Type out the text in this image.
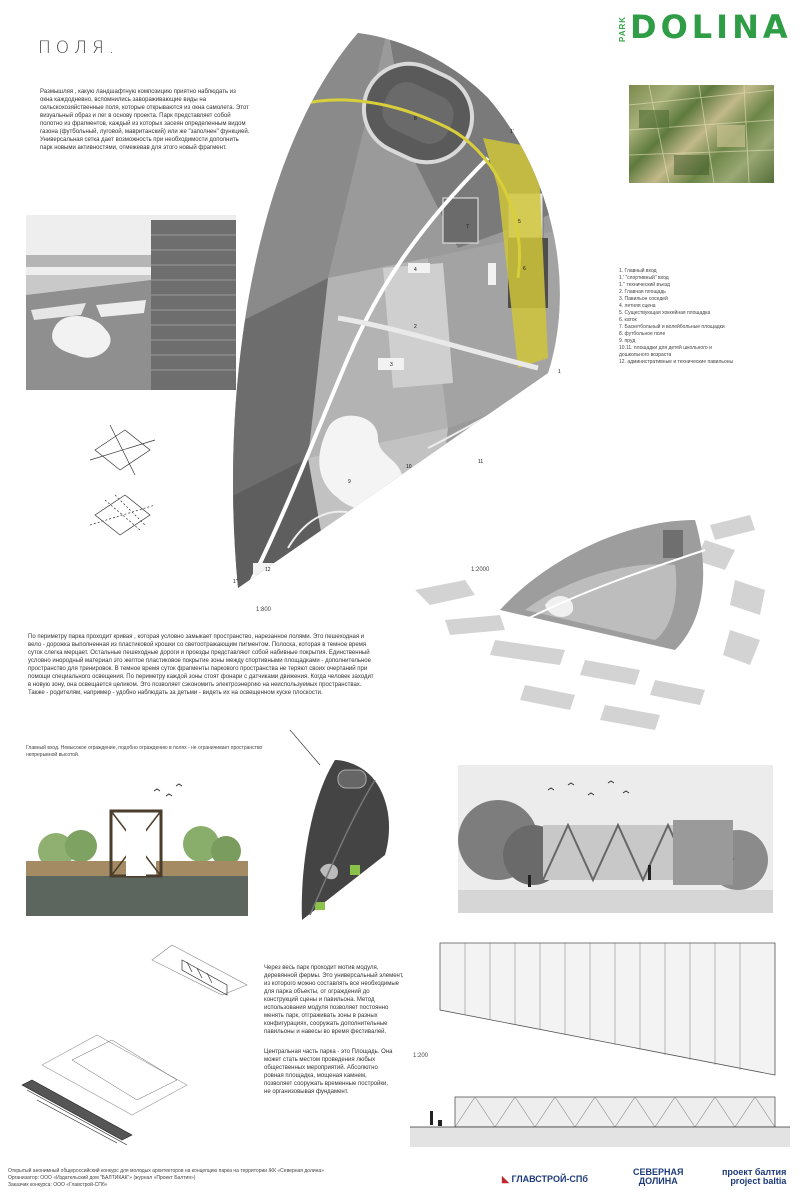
ПОЛЯ.
PARK DOLINA
Размышляя , какую ландшафтную композицию приятно наблюдать из окна каждодневно, вспомнились завораживающие виды на сельскохозяйственные поля, которые открываются из окна самолета. Этот визуальный образ и лег в основу проекта. Парк представляет собой полотно из фрагментов, каждый из которых засеян определенным видом газона (футбольный, луговой, мавританский) или же "заполнен" функцией. Универсальная сетка дает возможность при необходимости дополнить парк новыми активностями, отмежевав для этого новый фрагмент.
8
7
6
5
4
3
2
9
10
11
12
1'
1
1''
1:800
1. Главный вход
1.' "спортивный" вход
1.'' технический въезд
2. Главная площадь
3. Павильон соседей
4. летняя сцена
5. Существующая хоккейная площадка
6. каток
7. Баскетбольный и волейбольные площадки
8. футбольное поле
9. пруд
10.11. площадки для детей школьного и
дошкольного возраста
12. административные и технические павильоны
1:2000
По периметру парка проходит кривая , которая условно замыкает пространство, нарезанное полями. Это пешеходная и вело - дорожка выполненная из пластиковой крошки со светоотражающим пигментом. Полоска, которая в темное время суток слегка мерцает. Остальные пешеходные дороги и проезды представляют собой набивные покрытия. Единственный условно инородный материал это желтое пластиковое покрытие зоны между спортивными площадками - дополнительное пространство для тренировок. В темное время суток фрагменты паркового пространства не теряют своих очертаний при помощи специального освещения. По периметру каждой зоны стоят фонари с датчиками движения. Когда человек заходит в новую зону, она освещается целиком. Это позволяет сэкономить электроэнергию на неиспользуемых пространствах. Также - родителям, например - удобно наблюдать за детьми - видеть их на освещенном куске плоскости.
Главный вход. Невысокое ограждение, подобно ограждению в полях - не ограничивает пространство непрерывной высотой.
Через весь парк проходит мотив модуля, деревянной фермы. Это универсальный элемент, из которого можно составлять все необходимые для парка объекты, от ограждений до конструкций сцены и павильона. Метод использования модуля позволяет постоянно менять парк, отграживать зоны в разных конфигурациях, сооружать дополнительные павильоны и навесы во время фестивалей.
Центральная часть парка - это Площадь. Она может стать местом проведения любых общественных мероприятий. Абсолютно ровная площадка, мощеная камнем, позволяет сооружать временные постройки, не организовывая фундамент.
1:200
Открытый анонимный общероссийский конкурс для молодых архитекторов на концепцию парка на территории ЖК «Северная долина»
Организатор: ООО «Издательский дом "БАЛТИКАК"» (журнал «Проект Балтия»)
Заказчик конкурса: ООО «Главстрой-СПб»
◣ ГЛАВСТРОЙ-СПб
СЕВЕРНАЯ
ДОЛИНА
проект балтия
project baltia
